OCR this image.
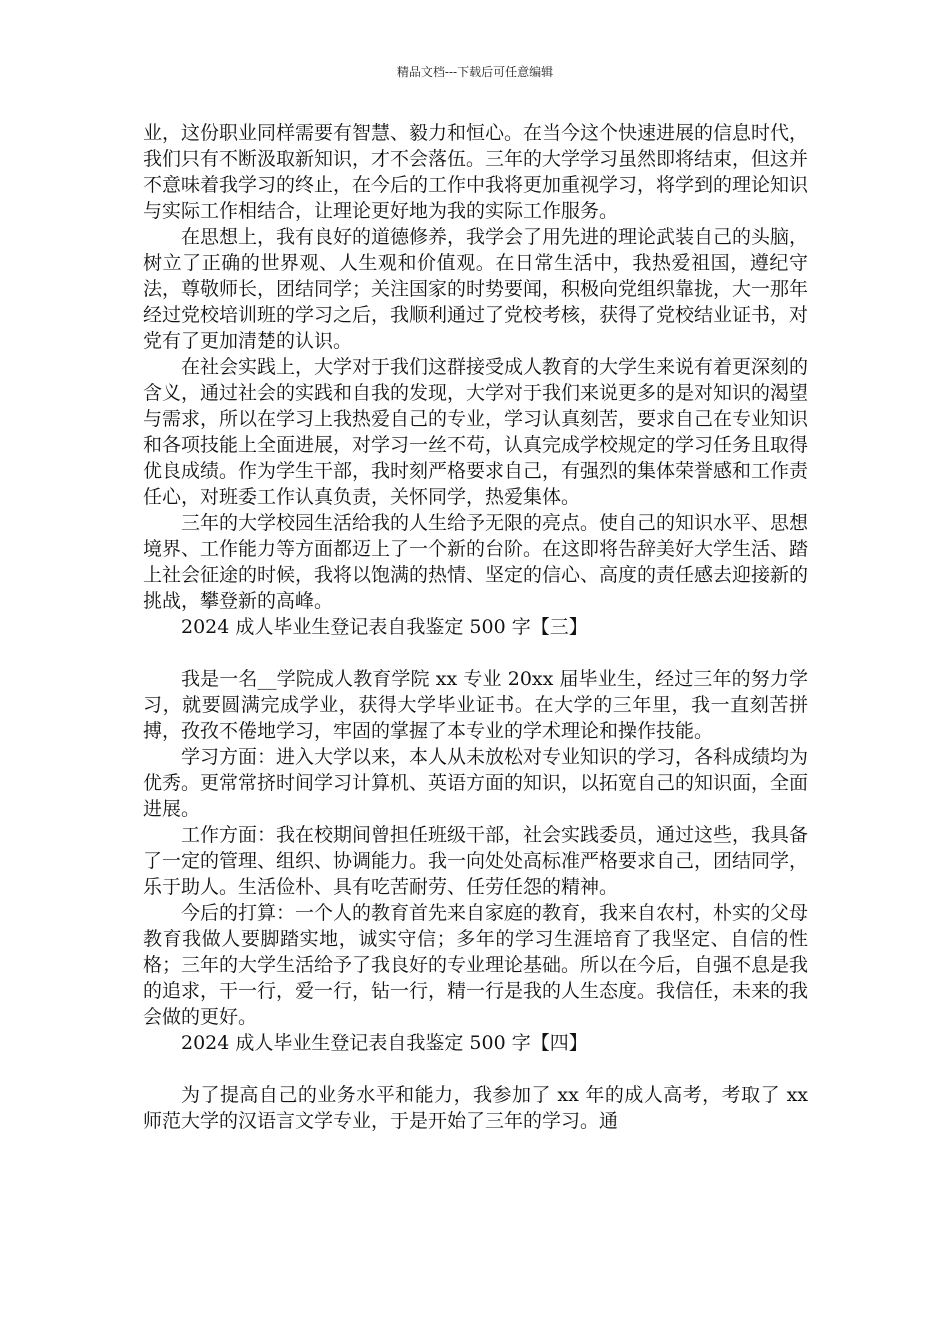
精品文档---下载后可任意编辑

业，这份职业同样需要有智慧、毅力和恒心。在当今这个快速进展的信息时代，我们只有不断汲取新知识，才不会落伍。三年的大学学习虽然即将结束，但这并不意味着我学习的终止，在今后的工作中我将更加重视学习，将学到的理论知识与实际工作相结合，让理论更好地为我的实际工作服务。

在思想上，我有良好的道德修养，我学会了用先进的理论武装自己的头脑，树立了正确的世界观、人生观和价值观。在日常生活中，我热爱祖国，遵纪守法，尊敬师长，团结同学；关注国家的时势要闻，积极向党组织靠拢，大一那年经过党校培训班的学习之后，我顺利通过了党校考核，获得了党校结业证书，对党有了更加清楚的认识。

在社会实践上，大学对于我们这群接受成人教育的大学生来说有着更深刻的含义，通过社会的实践和自我的发现，大学对于我们来说更多的是对知识的渴望与需求，所以在学习上我热爱自己的专业，学习认真刻苦，要求自己在专业知识和各项技能上全面进展，对学习一丝不苟，认真完成学校规定的学习任务且取得优良成绩。作为学生干部，我时刻严格要求自己，有强烈的集体荣誉感和工作责任心，对班委工作认真负责，关怀同学，热爱集体。

三年的大学校园生活给我的人生给予无限的亮点。使自己的知识水平、思想境界、工作能力等方面都迈上了一个新的台阶。在这即将告辞美好大学生活、踏上社会征途的时候，我将以饱满的热情、坚定的信心、高度的责任感去迎接新的挑战，攀登新的高峰。

2024 成人毕业生登记表自我鉴定 500 字【三】

我是一名__学院成人教育学院 xx 专业 20xx 届毕业生，经过三年的努力学习，就要圆满完成学业，获得大学毕业证书。在大学的三年里，我一直刻苦拼搏，孜孜不倦地学习，牢固的掌握了本专业的学术理论和操作技能。

学习方面：进入大学以来，本人从未放松对专业知识的学习，各科成绩均为优秀。更常常挤时间学习计算机、英语方面的知识，以拓宽自己的知识面，全面进展。

工作方面：我在校期间曾担任班级干部，社会实践委员，通过这些，我具备了一定的管理、组织、协调能力。我一向处处高标准严格要求自己，团结同学，乐于助人。生活俭朴、具有吃苦耐劳、任劳任怨的精神。

今后的打算：一个人的教育首先来自家庭的教育，我来自农村，朴实的父母教育我做人要脚踏实地，诚实守信；多年的学习生涯培育了我坚定、自信的性格；三年的大学生活给予了我良好的专业理论基础。所以在今后，自强不息是我的追求，干一行，爱一行，钻一行，精一行是我的人生态度。我信任，未来的我会做的更好。

2024 成人毕业生登记表自我鉴定 500 字【四】

为了提高自己的业务水平和能力，我参加了 xx 年的成人高考，考取了 xx 师范大学的汉语言文学专业，于是开始了三年的学习。通
